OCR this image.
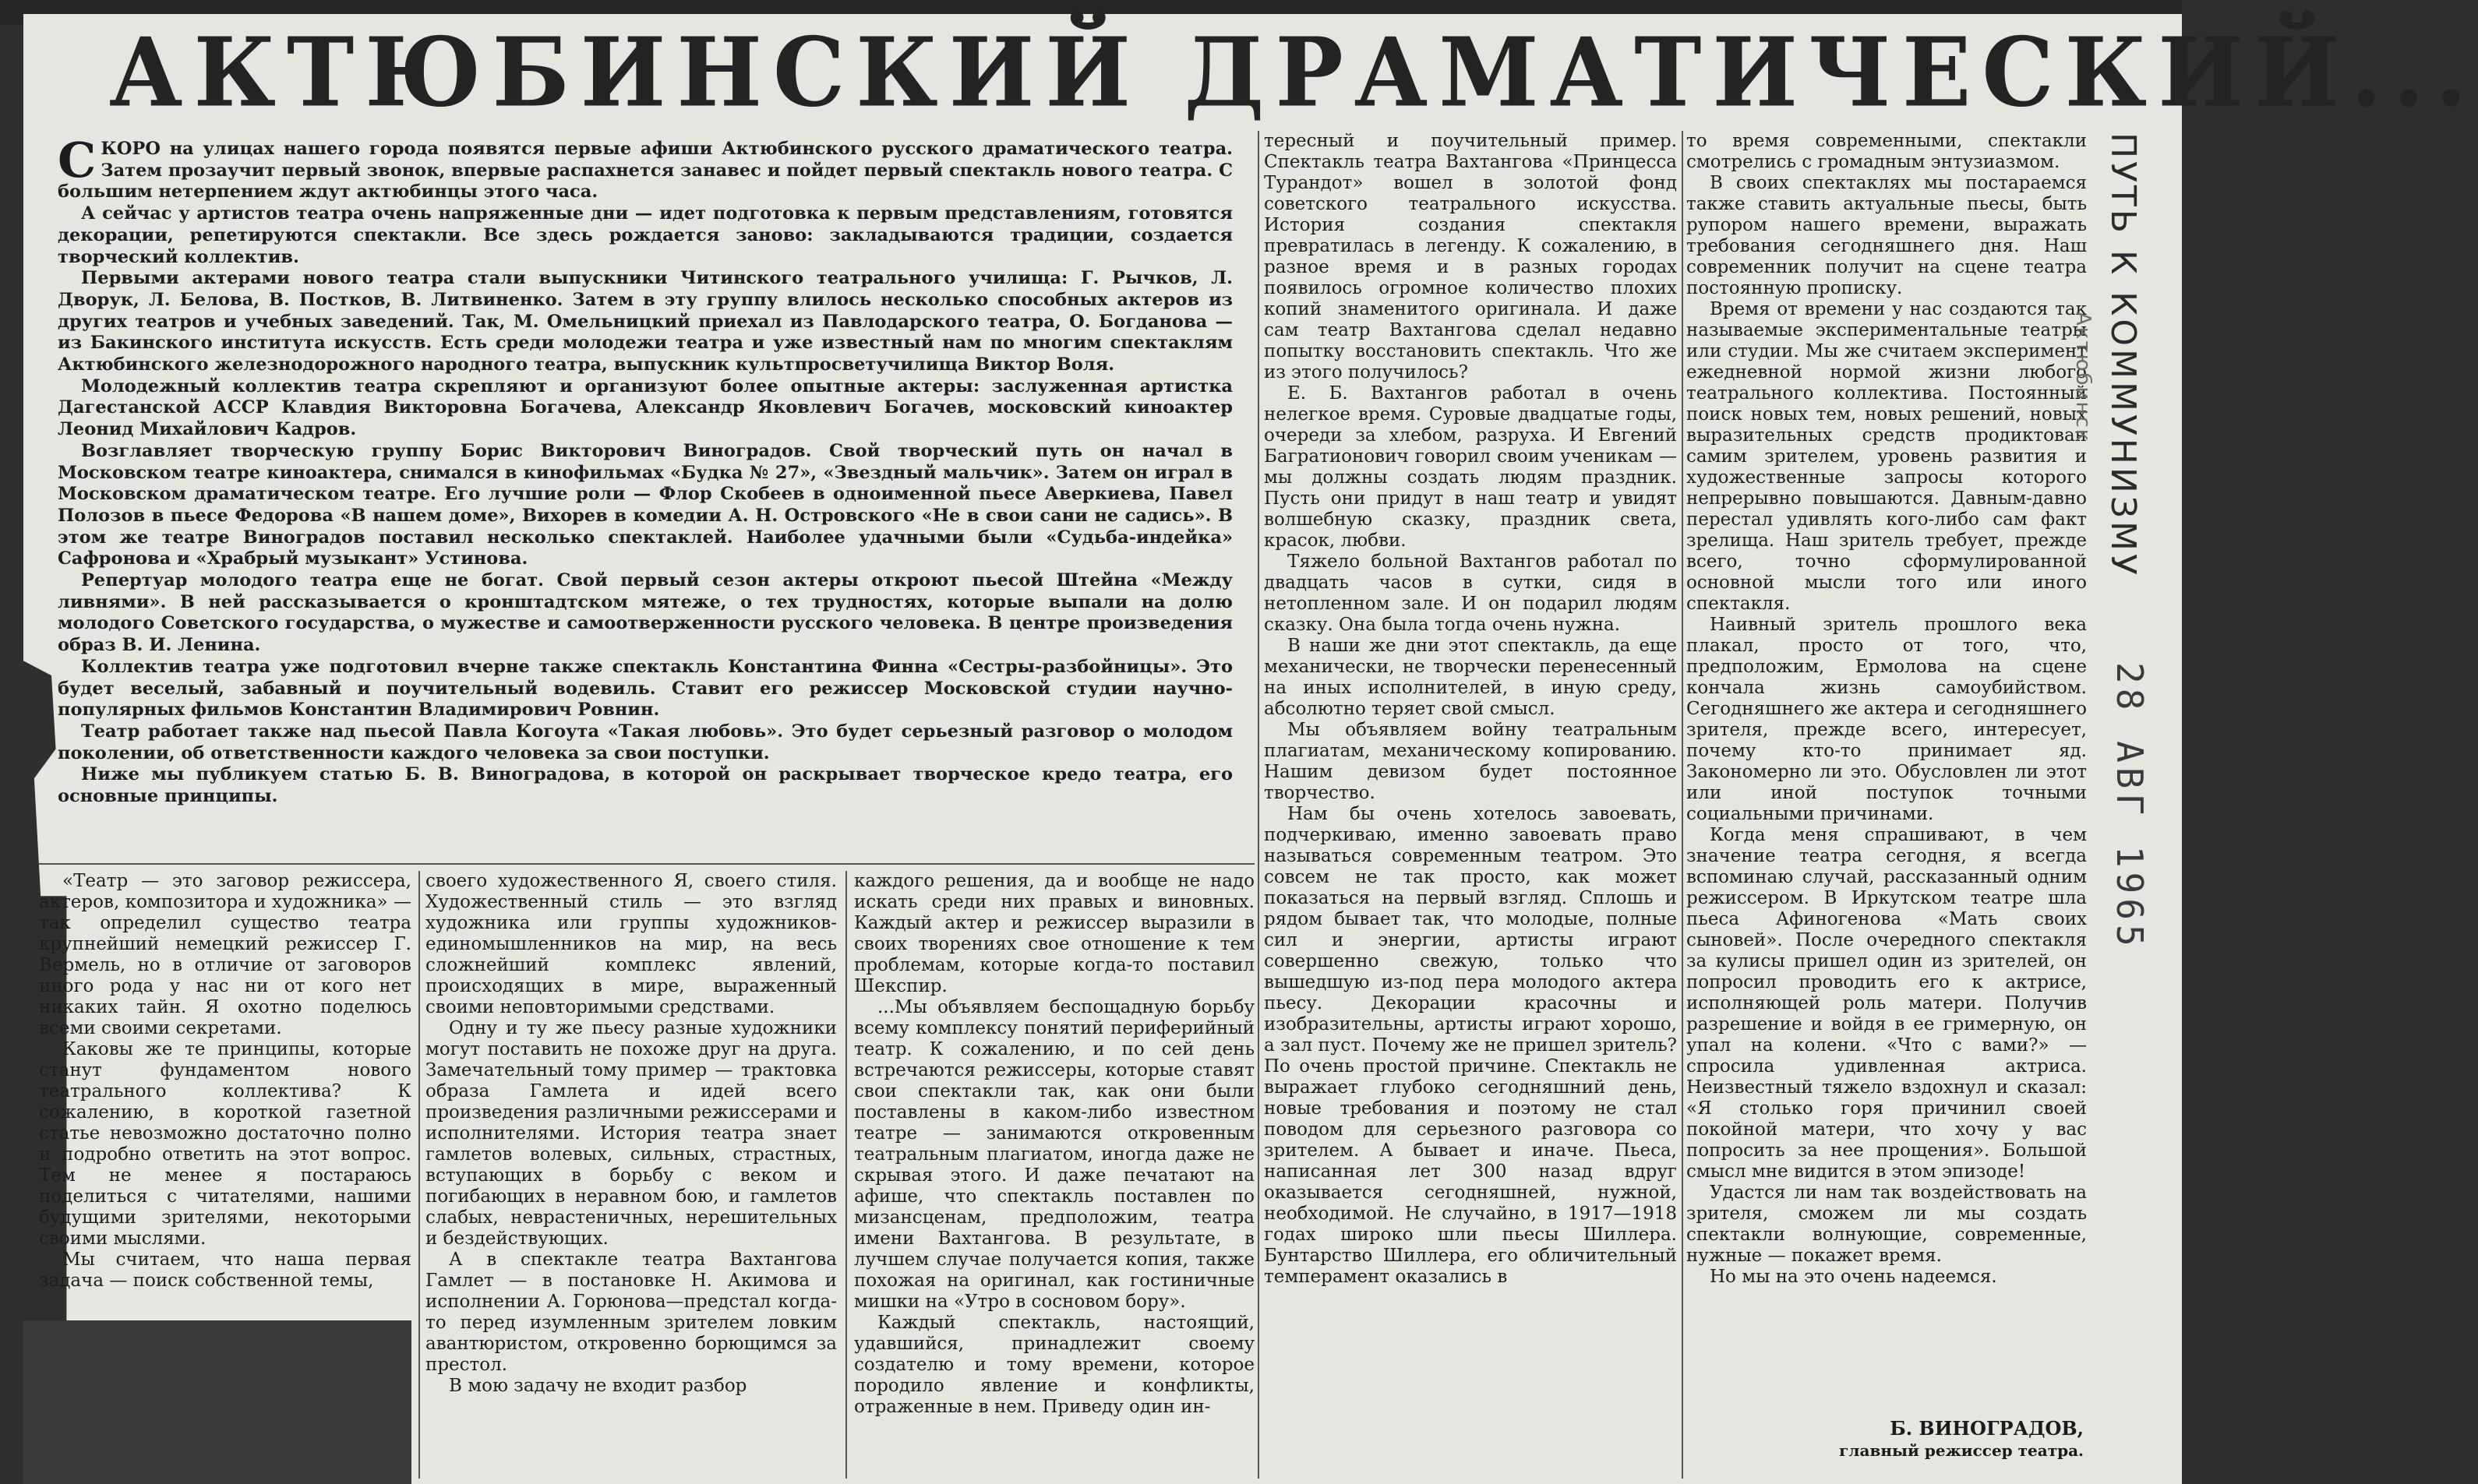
АКТЮБИНСКИЙ ДРАМАТИЧЕСКИЙ...

СКОРО на улицах нашего города появятся первые афиши Актюбинского русского драматического театра. Затем прозаучит первый звонок, впервые распахнется занавес и пойдет первый спектакль нового театра. С большим нетерпением ждут актюбинцы этого часа.

А сейчас у артистов театра очень напряженные дни — идет подготовка к первым представлениям, готовятся декорации, репетируются спектакли. Все здесь рождается заново: закладываются традиции, создается творческий коллектив.

Первыми актерами нового театра стали выпускники Читинского театрального училища: Г. Рычков, Л. Дворук, Л. Белова, В. Постков, В. Литвиненко. Затем в эту группу влилось несколько способных актеров из других театров и учебных заведений. Так, М. Омельницкий приехал из Павлодарского театра, О. Богданова — из Бакинского института искусств. Есть среди молодежи театра и уже известный нам по многим спектаклям Актюбинского железнодорожного народного театра, выпускник культпросветучилища Виктор Воля.

Молодежный коллектив театра скрепляют и организуют более опытные актеры: заслуженная артистка Дагестанской АССР Клавдия Викторовна Богачева, Александр Яковлевич Богачев, московский киноактер Леонид Михайлович Кадров.

Возглавляет творческую группу Борис Викторович Виноградов. Свой творческий путь он начал в Московском театре киноактера, снимался в кинофильмах «Будка № 27», «Звездный мальчик». Затем он играл в Московском драматическом театре. Его лучшие роли — Флор Скобеев в одноименной пьесе Аверкиева, Павел Полозов в пьесе Федорова «В нашем доме», Вихорев в комедии А. Н. Островского «Не в свои сани не садись». В этом же театре Виноградов поставил несколько спектаклей. Наиболее удачными были «Судьба-индейка» Сафронова и «Храбрый музыкант» Устинова.

Репертуар молодого театра еще не богат. Свой первый сезон актеры откроют пьесой Штейна «Между ливнями». В ней рассказывается о кронштадтском мятеже, о тех трудностях, которые выпали на долю молодого Советского государства, о мужестве и самоотверженности русского человека. В центре произведения образ В. И. Ленина.

Коллектив театра уже подготовил вчерне также спектакль Константина Финна «Сестры-разбойницы». Это будет веселый, забавный и поучительный водевиль. Ставит его режиссер Московской студии научно-популярных фильмов Константин Владимирович Ровнин.

Театр работает также над пьесой Павла Когоута «Такая любовь». Это будет серьезный разговор о молодом поколении, об ответственности каждого человека за свои поступки.

Ниже мы публикуем статью Б. В. Виноградова, в которой он раскрывает творческое кредо театра, его основные принципы.

«Театр — это заговор режиссера, актеров, композитора и художника» — так определил существо театра крупнейший немецкий режиссер Г. Вермель, но в отличие от заговоров иного рода у нас ни от кого нет никаких тайн. Я охотно поделюсь всеми своими секретами.

Каковы же те принципы, которые станут фундаментом нового театрального коллектива? К сожалению, в короткой газетной статье невозможно достаточно полно и подробно ответить на этот вопрос. Тем не менее я постараюсь поделиться с читателями, нашими будущими зрителями, некоторыми своими мыслями.

Мы считаем, что наша первая задача — поиск собственной темы,

своего художественного Я, своего стиля. Художественный стиль — это взгляд художника или группы художников-единомышленников на мир, на весь сложнейший комплекс явлений, происходящих в мире, выраженный своими неповторимыми средствами.

Одну и ту же пьесу разные художники могут поставить не похоже друг на друга. Замечательный тому пример — трактовка образа Гамлета и идей всего произведения различными режиссерами и исполнителями. История театра знает гамлетов волевых, сильных, страстных, вступающих в борьбу с веком и погибающих в неравном бою, и гамлетов слабых, неврастеничных, нерешительных и бездействующих.

А в спектакле театра Вахтангова Гамлет — в постановке Н. Акимова и исполнении А. Горюнова—предстал когда-то перед изумленным зрителем ловким авантюристом, откровенно борющимся за престол.

В мою задачу не входит разбор

каждого решения, да и вообще не надо искать среди них правых и виновных. Каждый актер и режиссер выразили в своих творениях свое отношение к тем проблемам, которые когда-то поставил Шекспир.

...Мы объявляем беспощадную борьбу всему комплексу понятий периферийный театр. К сожалению, и по сей день встречаются режиссеры, которые ставят свои спектакли так, как они были поставлены в каком-либо известном театре — занимаются откровенным театральным плагиатом, иногда даже не скрывая этого. И даже печатают на афише, что спектакль поставлен по мизансценам, предположим, театра имени Вахтангова. В результате, в лучшем случае получается копия, также похожая на оригинал, как гостиничные мишки на «Утро в сосновом бору».

Каждый спектакль, настоящий, удавшийся, принадлежит своему создателю и тому времени, которое породило явление и конфликты, отраженные в нем. Приведу один ин-

тересный и поучительный пример. Спектакль театра Вахтангова «Принцесса Турандот» вошел в золотой фонд советского театрального искусства. История создания спектакля превратилась в легенду. К сожалению, в разное время и в разных городах появилось огромное количество плохих копий знаменитого оригинала. И даже сам театр Вахтангова сделал недавно попытку восстановить спектакль. Что же из этого получилось?

Е. Б. Вахтангов работал в очень нелегкое время. Суровые двадцатые годы, очереди за хлебом, разруха. И Евгений Багратионович говорил своим ученикам — мы должны создать людям праздник. Пусть они придут в наш театр и увидят волшебную сказку, праздник света, красок, любви.

Тяжело больной Вахтангов работал по двадцать часов в сутки, сидя в нетопленном зале. И он подарил людям сказку. Она была тогда очень нужна.

В наши же дни этот спектакль, да еще механически, не творчески перенесенный на иных исполнителей, в иную среду, абсолютно теряет свой смысл.

Мы объявляем войну театральным плагиатам, механическому копированию. Нашим девизом будет постоянное творчество.

Нам бы очень хотелось завоевать, подчеркиваю, именно завоевать право называться современным театром. Это совсем не так просто, как может показаться на первый взгляд. Сплошь и рядом бывает так, что молодые, полные сил и энергии, артисты играют совершенно свежую, только что вышедшую из-под пера молодого актера пьесу. Декорации красочны и изобразительны, артисты играют хорошо, а зал пуст. Почему же не пришел зритель? По очень простой причине. Спектакль не выражает глубоко сегодняшний день, новые требования и поэтому не стал поводом для серьезного разговора со зрителем. А бывает и иначе. Пьеса, написанная лет 300 назад вдруг оказывается сегодняшней, нужной, необходимой. Не случайно, в 1917—1918 годах широко шли пьесы Шиллера. Бунтарство Шиллера, его обличительный темперамент оказались в

то время современными, спектакли смотрелись с громадным энтузиазмом.

В своих спектаклях мы постараемся также ставить актуальные пьесы, быть рупором нашего времени, выражать требования сегодняшнего дня. Наш современник получит на сцене театра постоянную прописку.

Время от времени у нас создаются так называемые экспериментальные театры или студии. Мы же считаем эксперимент ежедневной нормой жизни любого театрального коллектива. Постоянный поиск новых тем, новых решений, новых выразительных средств продиктован самим зрителем, уровень развития и художественные запросы которого непрерывно повышаются. Давным-давно перестал удивлять кого-либо сам факт зрелища. Наш зритель требует, прежде всего, точно сформулированной основной мысли того или иного спектакля.

Наивный зритель прошлого века плакал, просто от того, что, предположим, Ермолова на сцене кончала жизнь самоубийством. Сегодняшнего же актера и сегодняшнего зрителя, прежде всего, интересует, почему кто-то принимает яд. Закономерно ли это. Обусловлен ли этот или иной поступок точными социальными причинами.

Когда меня спрашивают, в чем значение театра сегодня, я всегда вспоминаю случай, рассказанный одним режиссером. В Иркутском театре шла пьеса Афиногенова «Мать своих сыновей». После очередного спектакля за кулисы пришел один из зрителей, он попросил проводить его к актрисе, исполняющей роль матери. Получив разрешение и войдя в ее гримерную, он упал на колени. «Что с вами?» — спросила удивленная актриса. Неизвестный тяжело вздохнул и сказал: «Я столько горя причинил своей покойной матери, что хочу у вас попросить за нее прощения». Большой смысл мне видится в этом эпизоде!

Удастся ли нам так воздействовать на зрителя, сможем ли мы создать спектакли волнующие, современные, нужные — покажет время.

Но мы на это очень надеемся.

Б. ВИНОГРАДОВ,
главный режиссер театра.
ПУТЬ К КОММУНИЗМУ
Актюбинск
28 АВГ 1965
